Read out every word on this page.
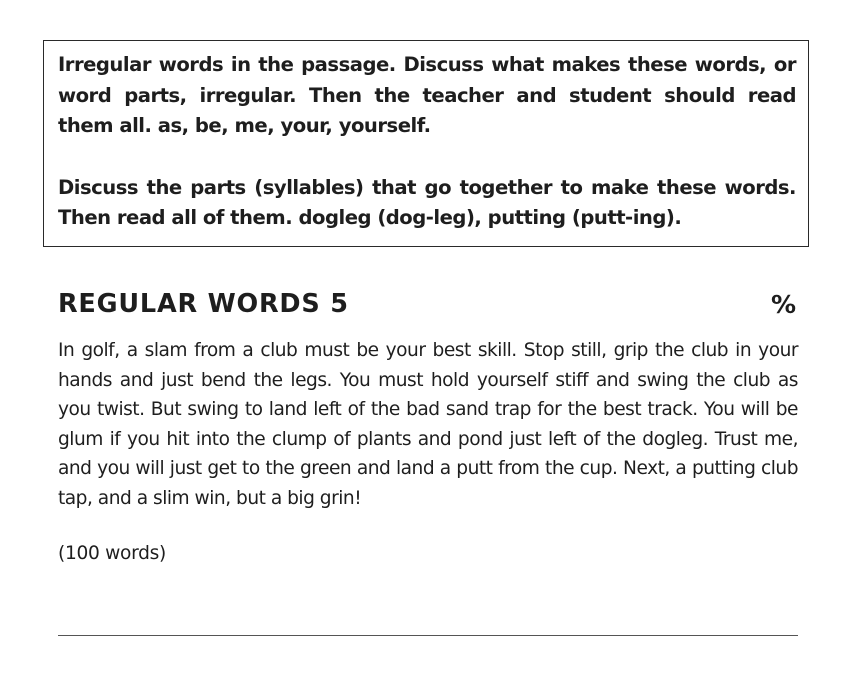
Irregular words in the passage. Discuss what makes these words, or word parts, irregular. Then the teacher and student should read them all. as, be, me, your, yourself.

Discuss the parts (syllables) that go together to make these words. Then read all of them. dogleg (dog-leg), putting (putt-ing).

REGULAR WORDS 5	%

In golf, a slam from a club must be your best skill. Stop still, grip the club in your hands and just bend the legs. You must hold yourself stiff and swing the club as you twist. But swing to land left of the bad sand trap for the best track. You will be glum if you hit into the clump of plants and pond just left of the dogleg. Trust me, and you will just get to the green and land a putt from the cup. Next, a putting club tap, and a slim win, but a big grin!

(100 words)
